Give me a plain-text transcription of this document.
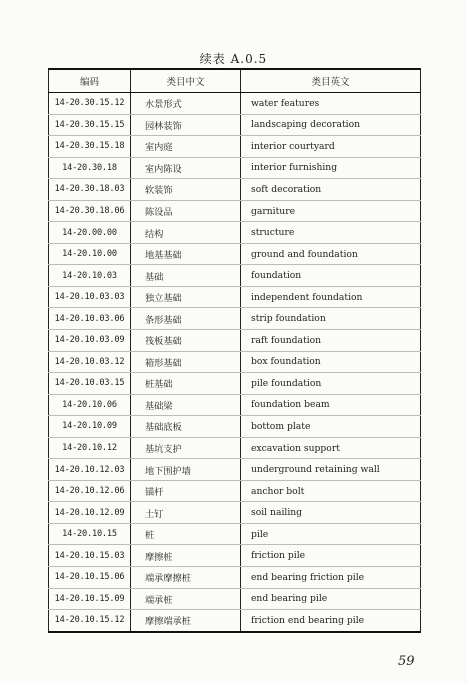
续表 A.0.5
编码	类目中文	类目英文
14-20.30.15.12	水景形式	water features
14-20.30.15.15	园林装饰	landscaping decoration
14-20.30.15.18	室内庭	interior courtyard
14-20.30.18	室内陈设	interior furnishing
14-20.30.18.03	软装饰	soft decoration
14-20.30.18.06	陈设品	garniture
14-20.00.00	结构	structure
14-20.10.00	地基基础	ground and foundation
14-20.10.03	基础	foundation
14-20.10.03.03	独立基础	independent foundation
14-20.10.03.06	条形基础	strip foundation
14-20.10.03.09	筏板基础	raft foundation
14-20.10.03.12	箱形基础	box foundation
14-20.10.03.15	桩基础	pile foundation
14-20.10.06	基础梁	foundation beam
14-20.10.09	基础底板	bottom plate
14-20.10.12	基坑支护	excavation support
14-20.10.12.03	地下围护墙	underground retaining wall
14-20.10.12.06	锚杆	anchor bolt
14-20.10.12.09	土钉	soil nailing
14-20.10.15	桩	pile
14-20.10.15.03	摩擦桩	friction pile
14-20.10.15.06	端承摩擦桩	end bearing friction pile
14-20.10.15.09	端承桩	end bearing pile
14-20.10.15.12	摩擦端承桩	friction end bearing pile
59
